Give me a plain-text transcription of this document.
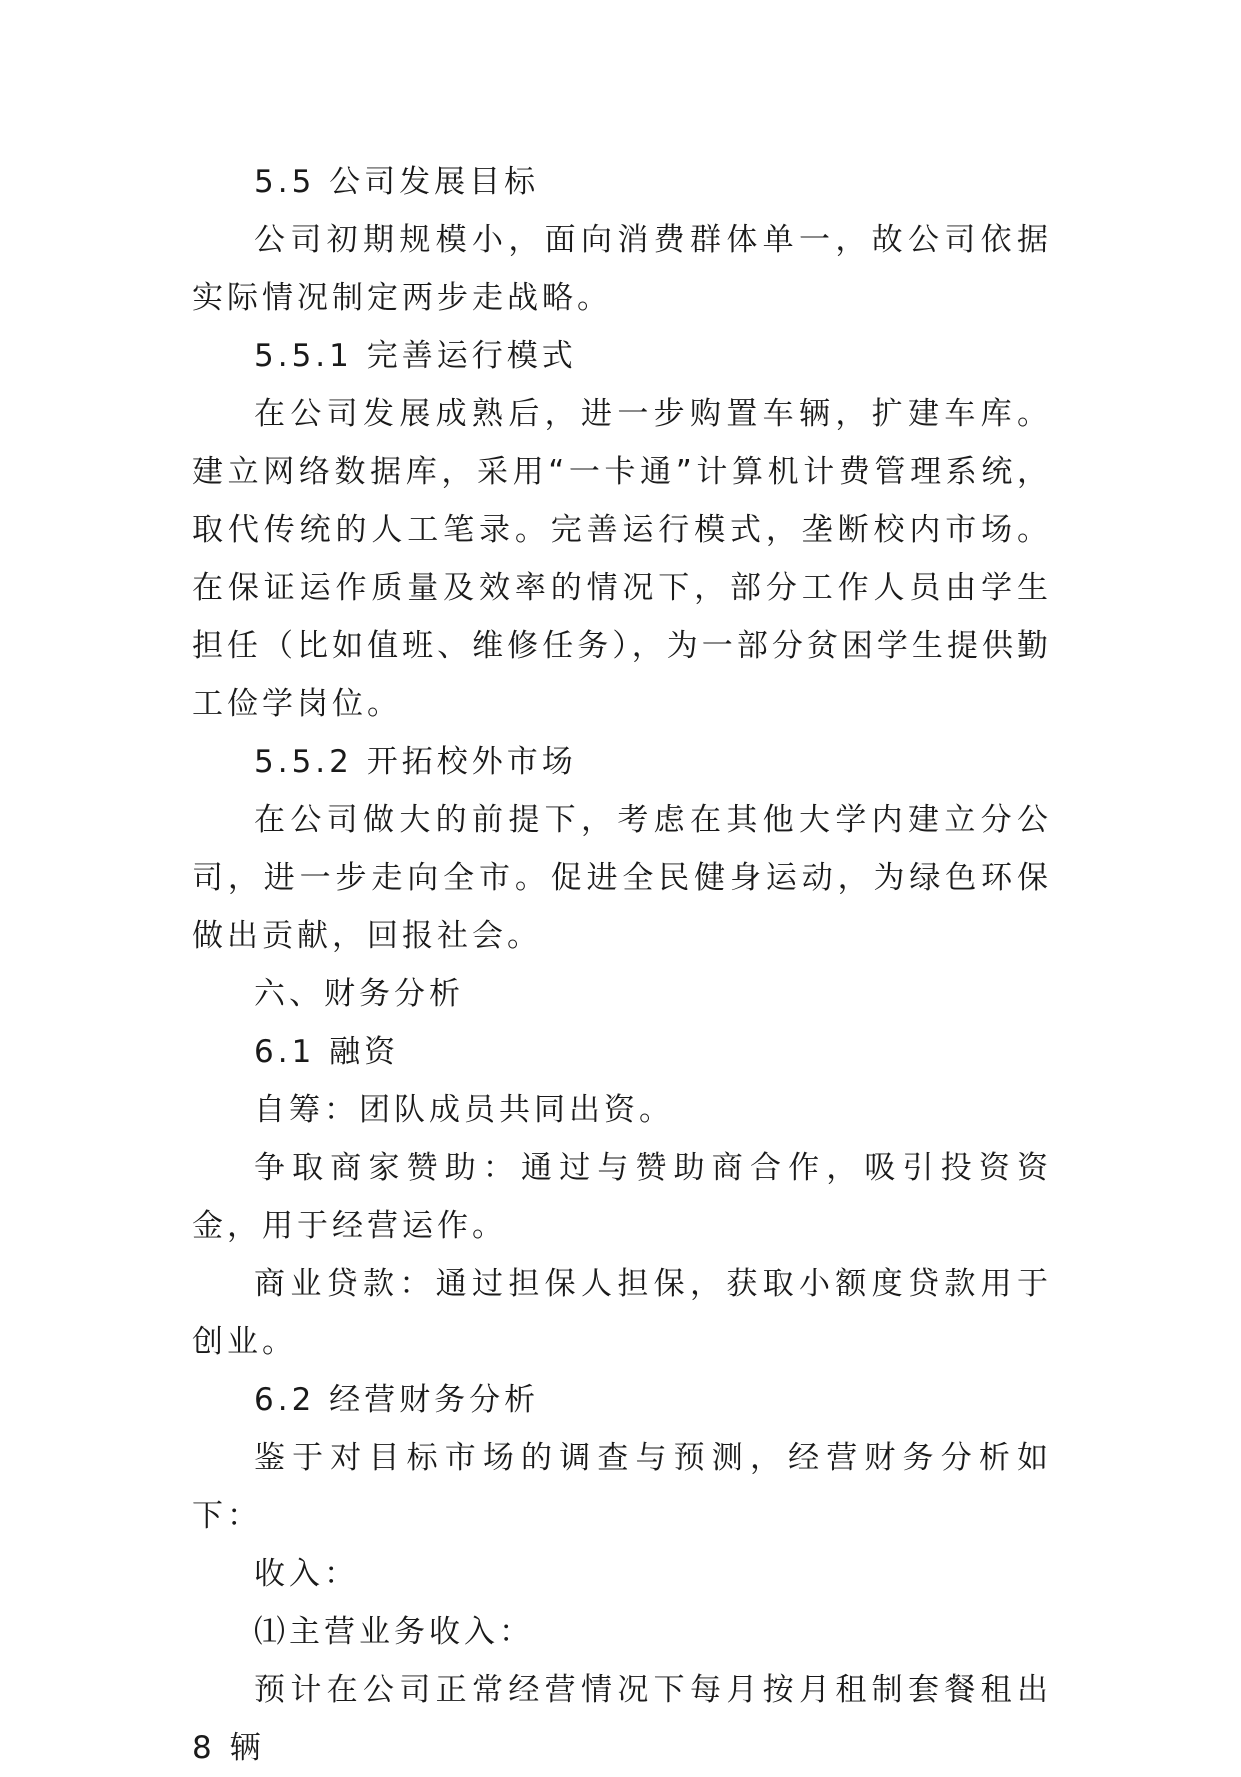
5.5 公司发展目标

公司初期规模小，面向消费群体单一，故公司依据实际情况制定两步走战略。

5.5.1 完善运行模式

在公司发展成熟后，进一步购置车辆，扩建车库。建立网络数据库，采用“一卡通”计算机计费管理系统，取代传统的人工笔录。完善运行模式，垄断校内市场。在保证运作质量及效率的情况下，部分工作人员由学生担任（比如值班、维修任务），为一部分贫困学生提供勤工俭学岗位。

5.5.2 开拓校外市场

在公司做大的前提下，考虑在其他大学内建立分公司，进一步走向全市。促进全民健身运动，为绿色环保做出贡献，回报社会。

六、财务分析

6.1 融资

自筹：团队成员共同出资。

争取商家赞助：通过与赞助商合作，吸引投资资金，用于经营运作。

商业贷款：通过担保人担保，获取小额度贷款用于创业。

6.2 经营财务分析

鉴于对目标市场的调查与预测，经营财务分析如下：

收入：

⑴主营业务收入：

预计在公司正常经营情况下每月按月租制套餐租出 8 辆
